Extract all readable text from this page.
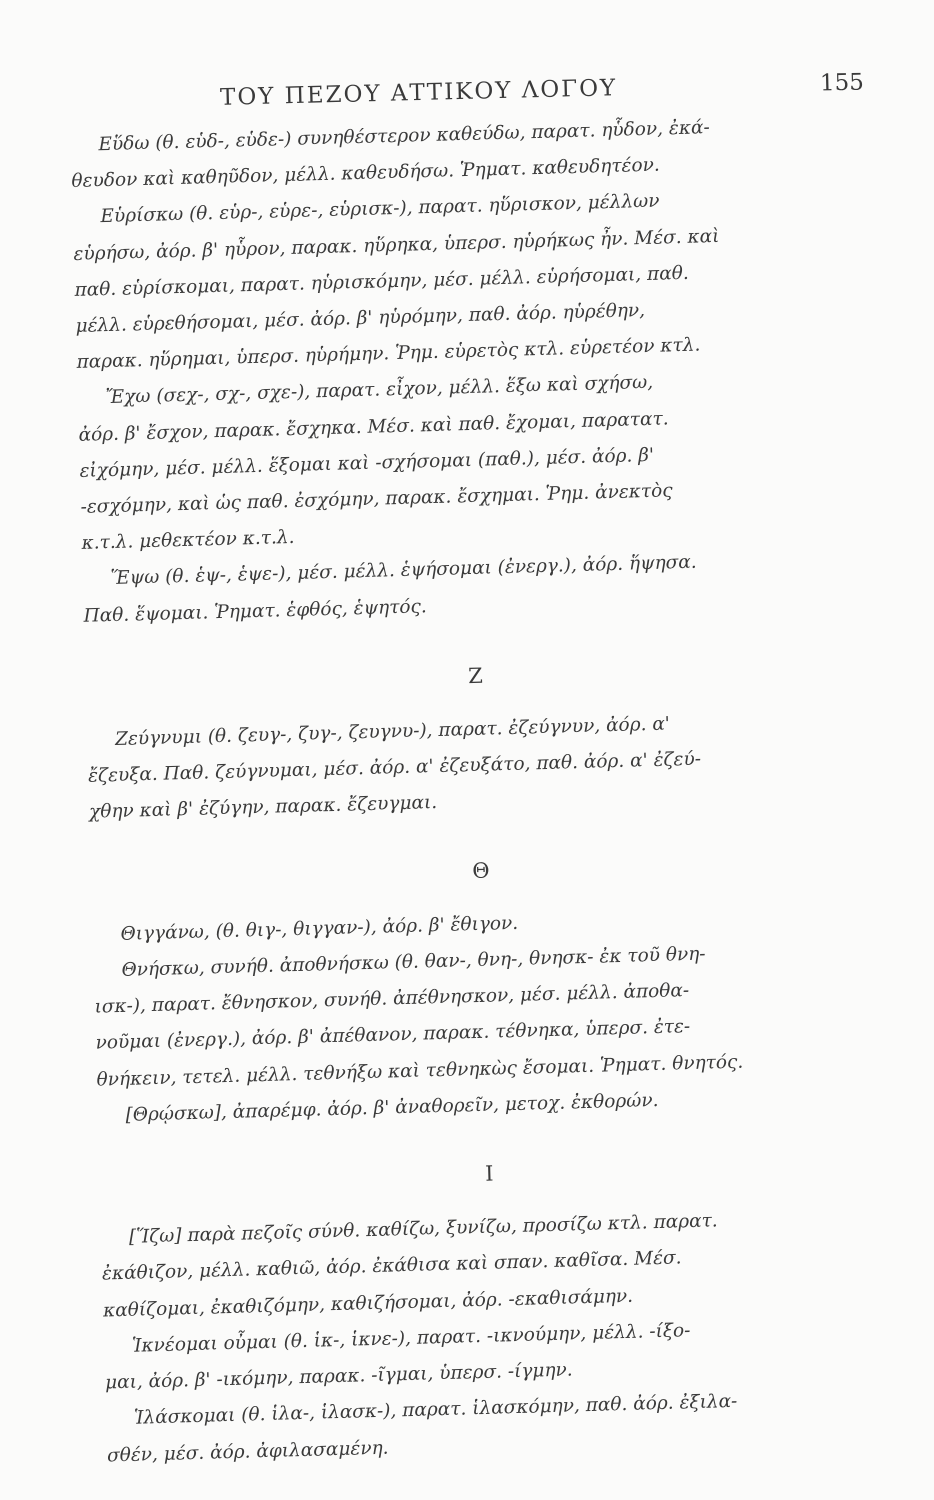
ΤΟΥ ΠΕΖΟΥ ΑΤΤΙΚΟΥ ΛΟΓΟΥ	155

Εὕδω (θ. εὑδ-, εὑδε-) συνηθέστερον καθεύδω, παρατ. ηὗδον, ἐκά-
θευδον καὶ καθηῦδον, μέλλ. καθευδήσω. Ῥηματ. καθευδητέον.

Εὑρίσκω (θ. εὑρ-, εὑρε-, εὑρισκ-), παρατ. ηὕρισκον, μέλλων
εὑρήσω, ἀόρ. β' ηὗρον, παρακ. ηὕρηκα, ὑπερσ. ηὑρήκως ἦν. Μέσ. καὶ
παθ. εὑρίσκομαι, παρατ. ηὑρισκόμην, μέσ. μέλλ. εὑρήσομαι, παθ.
μέλλ. εὑρεθήσομαι, μέσ. ἀόρ. β' ηὑρόμην, παθ. ἀόρ. ηὑρέθην,
παρακ. ηὕρημαι, ὑπερσ. ηὑρήμην. Ῥημ. εὑρετὸς κτλ. εὑρετέον κτλ.

Ἔχω (σεχ-, σχ-, σχε-), παρατ. εἶχον, μέλλ. ἕξω καὶ σχήσω,
ἀόρ. β' ἔσχον, παρακ. ἔσχηκα. Μέσ. καὶ παθ. ἔχομαι, παρατατ.
εἰχόμην, μέσ. μέλλ. ἕξομαι καὶ -σχήσομαι (παθ.), μέσ. ἀόρ. β'
-εσχόμην, καὶ ὡς παθ. ἐσχόμην, παρακ. ἔσχημαι. Ῥημ. ἀνεκτὸς
κ.τ.λ. μεθεκτέον κ.τ.λ.

Ἕψω (θ. ἑψ-, ἑψε-), μέσ. μέλλ. ἑψήσομαι (ἐνεργ.), ἀόρ. ἥψησα.
Παθ. ἕψομαι. Ῥηματ. ἑφθός, ἑψητός.

Ζ

Ζεύγνυμι (θ. ζευγ-, ζυγ-, ζευγνυ-), παρατ. ἐζεύγνυν, ἀόρ. α'
ἔζευξα. Παθ. ζεύγνυμαι, μέσ. ἀόρ. α' ἐζευξάτο, παθ. ἀόρ. α' ἐζεύ-
χθην καὶ β' ἐζύγην, παρακ. ἔζευγμαι.

Θ

Θιγγάνω, (θ. θιγ-, θιγγαν-), ἀόρ. β' ἔθιγον.

Θνήσκω, συνήθ. ἀποθνήσκω (θ. θαν-, θνη-, θνησκ- ἐκ τοῦ θνη-
ισκ-), παρατ. ἔθνησκον, συνήθ. ἀπέθνησκον, μέσ. μέλλ. ἀποθα-
νοῦμαι (ἐνεργ.), ἀόρ. β' ἀπέθανον, παρακ. τέθνηκα, ὑπερσ. ἐτε-
θνήκειν, τετελ. μέλλ. τεθνήξω καὶ τεθνηκὼς ἔσομαι. Ῥηματ. θνητός.

[Θρῴσκω], ἀπαρέμφ. ἀόρ. β' ἀναθορεῖν, μετοχ. ἐκθορών.

Ι

[Ἵζω] παρὰ πεζοῖς σύνθ. καθίζω, ξυνίζω, προσίζω κτλ. παρατ.
ἐκάθιζον, μέλλ. καθιῶ, ἀόρ. ἐκάθισα καὶ σπαν. καθῖσα. Μέσ.
καθίζομαι, ἐκαθιζόμην, καθιζήσομαι, ἀόρ. -εκαθισάμην.

Ἱκνέομαι οὖμαι (θ. ἱκ-, ἱκνε-), παρατ. -ικνούμην, μέλλ. -ίξο-
μαι, ἀόρ. β' -ικόμην, παρακ. -ῖγμαι, ὑπερσ. -ίγμην.

Ἱλάσκομαι (θ. ἱλα-, ἱλασκ-), παρατ. ἱλασκόμην, παθ. ἀόρ. ἐξιλα-
σθέν, μέσ. ἀόρ. ἀφιλασαμένη.
